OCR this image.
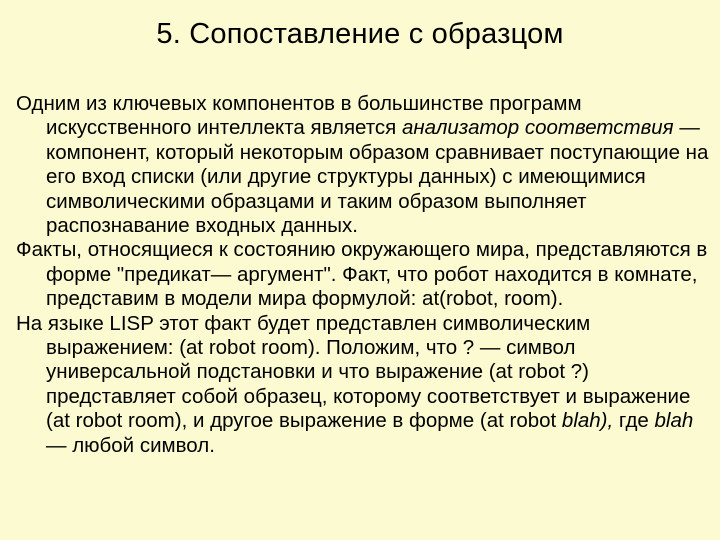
5. Сопоставление с образцом

Одним из ключевых компонентов в большинстве программ искусственного интеллекта является анализатор соответствия — компонент, который некоторым образом сравнивает поступающие на его вход списки (или другие структуры данных) с имеющимися символическими образцами и таким образом выполняет распознавание входных данных.

Факты, относящиеся к состоянию окружающего мира, представляются в форме "предикат— аргумент". Факт, что робот находится в комнате, представим в модели мира формулой: at(robot, room).

На языке LISP этот факт будет представлен символическим выражением: (at robot room). Положим, что ? — символ универсальной подстановки и что выражение (at robot ?) представляет собой образец, которому соответствует и выражение (at robot room), и другое выражение в форме (at robot blah), где blah — любой символ.
